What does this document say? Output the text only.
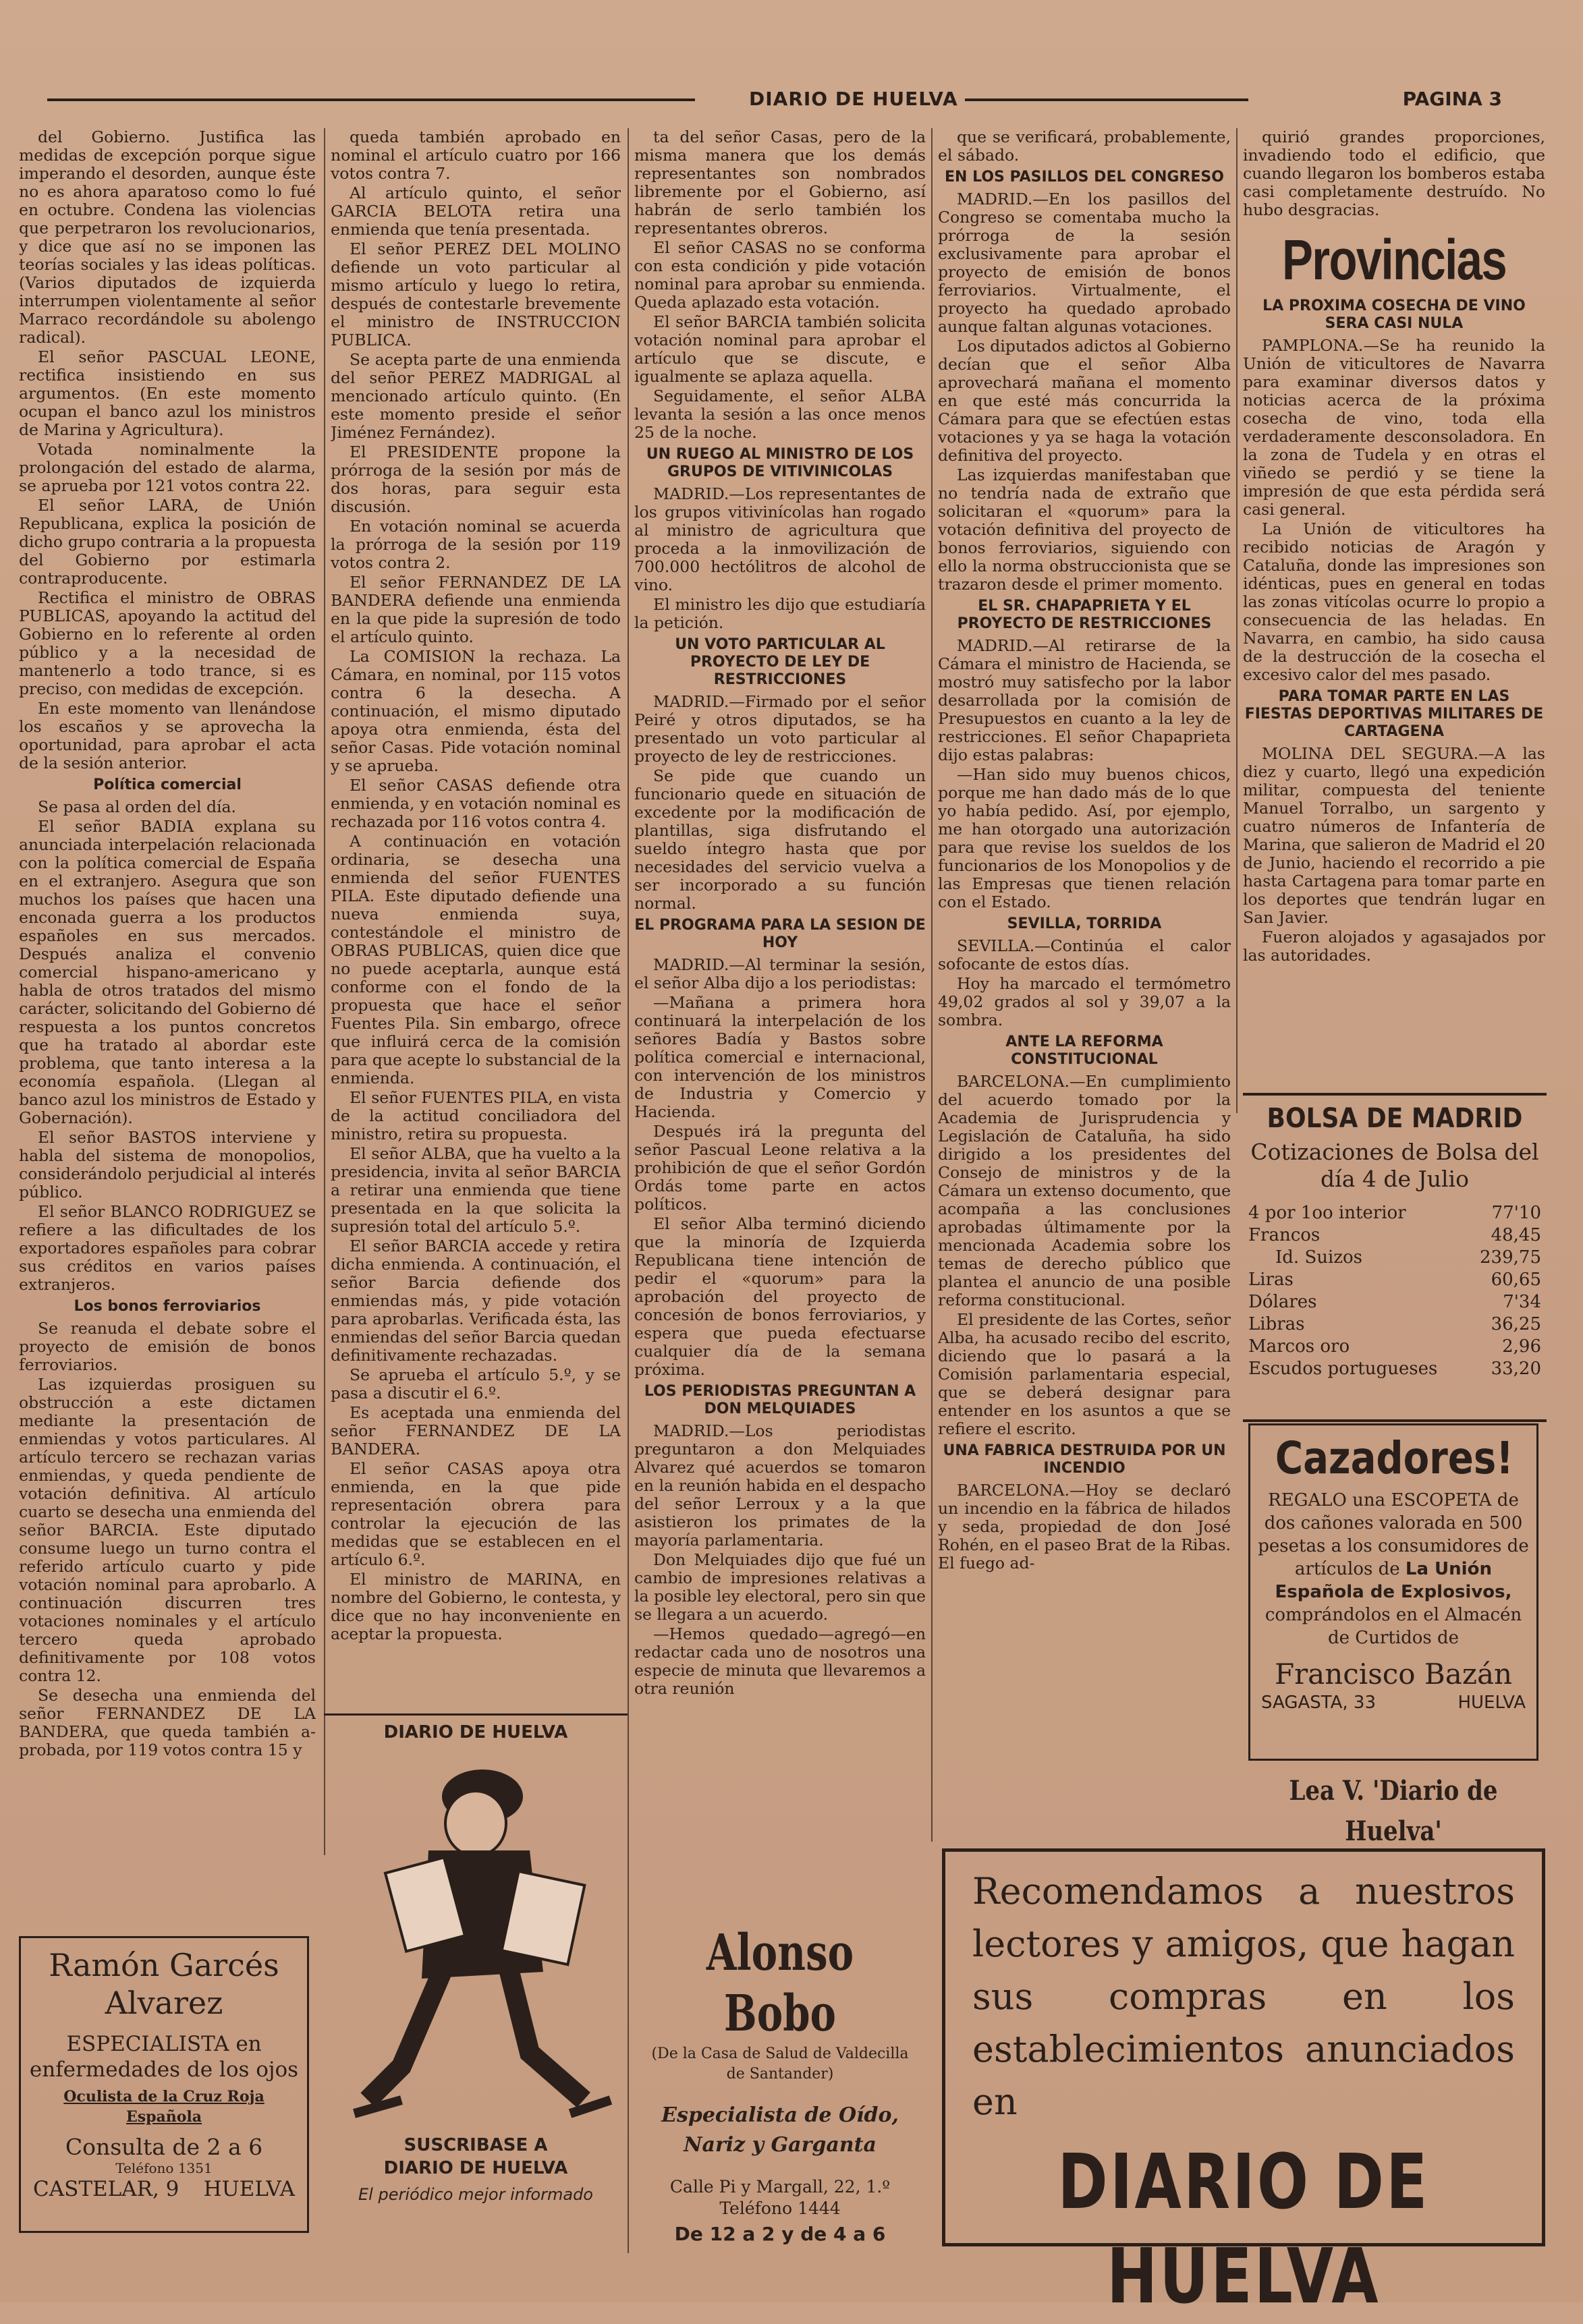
DIARIO DE HUELVA	PAGINA 3

del Gobierno. Justifica las medidas de excepción porque sigue imperando el desorden, aunque éste no es ahora aparatoso como lo fué en octubre. Condena las violencias que perpetraron los revolucionarios, y dice que así no se imponen las teorías sociales y las ideas políticas. (Varios diputados de izquierda interrumpen violentamente al señor Marraco recordándole su abolengo radical).

El señor PASCUAL LEONE, rectifica insistiendo en sus argumentos. (En este momento ocupan el banco azul los ministros de Marina y Agricultura).

Votada nominalmente la prolongación del estado de alarma, se aprueba por 121 votos contra 22.

El señor LARA, de Unión Republicana, explica la posición de dicho grupo contraria a la propuesta del Gobierno por estimarla contraproducente.

Rectifica el ministro de OBRAS PUBLICAS, apoyando la actitud del Gobierno en lo referente al orden público y a la necesidad de mantenerlo a todo trance, si es preciso, con medidas de excepción.

En este momento van llenándose los escaños y se aprovecha la oportunidad, para aprobar el acta de la sesión anterior.

Política comercial

Se pasa al orden del día.

El señor BADIA explana su anunciada interpelación relacionada con la política comercial de España en el extranjero. Asegura que son muchos los países que hacen una enconada guerra a los productos españoles en sus mercados. Después analiza el convenio comercial hispano-americano y habla de otros tratados del mismo carácter, solicitando del Gobierno dé respuesta a los puntos concretos que ha tratado al abordar este problema, que tanto interesa a la economía española. (Llegan al banco azul los ministros de Estado y Gobernación).

El señor BASTOS interviene y habla del sistema de monopolios, considerándolo perjudicial al interés público.

El señor BLANCO RODRIGUEZ se refiere a las dificultades de los exportadores españoles para cobrar sus créditos en varios países extranjeros.

Los bonos ferroviarios

Se reanuda el debate sobre el proyecto de emisión de bonos ferroviarios.

Las izquierdas prosiguen su obstrucción a este dictamen mediante la presentación de enmiendas y votos particulares. Al artículo tercero se rechazan varias enmiendas, y queda pendiente de votación definitiva. Al artículo cuarto se desecha una enmienda del señor BARCIA. Este diputado consume luego un turno contra el referido artículo cuarto y pide votación nominal para aprobarlo. A continuación discurren tres votaciones nominales y el artículo tercero queda aprobado definitivamente por 108 votos contra 12.

Se desecha una enmienda del señor FERNANDEZ DE LA BANDERA, que queda también aprobada, por 119 votos contra 15 y

queda también aprobado en nominal el artículo cuatro por 166 votos contra 7.

Al artículo quinto, el señor GARCIA BELOTA retira una enmienda que tenía presentada.

El señor PEREZ DEL MOLINO defiende un voto particular al mismo artículo y luego lo retira, después de contestarle brevemente el ministro de INSTRUCCION PUBLICA.

Se acepta parte de una enmienda del señor PEREZ MADRIGAL al mencionado artículo quinto. (En este momento preside el señor Jiménez Fernández).

El PRESIDENTE propone la prórroga de la sesión por más de dos horas, para seguir esta discusión.

En votación nominal se acuerda la prórroga de la sesión por 119 votos contra 2.

El señor FERNANDEZ DE LA BANDERA defiende una enmienda en la que pide la supresión de todo el artículo quinto.

La COMISION la rechaza. La Cámara, en nominal, por 115 votos contra 6 la desecha. A continuación, el mismo diputado apoya otra enmienda, ésta del señor Casas. Pide votación nominal y se aprueba.

El señor CASAS defiende otra enmienda, y en votación nominal es rechazada por 116 votos contra 4.

A continuación en votación ordinaria, se desecha una enmienda del señor FUENTES PILA. Este diputado defiende una nueva enmienda suya, contestándole el ministro de OBRAS PUBLICAS, quien dice que no puede aceptarla, aunque está conforme con el fondo de la propuesta que hace el señor Fuentes Pila. Sin embargo, ofrece que influirá cerca de la comisión para que acepte lo substancial de la enmienda.

El señor FUENTES PILA, en vista de la actitud conciliadora del ministro, retira su propuesta.

El señor ALBA, que ha vuelto a la presidencia, invita al señor BARCIA a retirar una enmienda que tiene presentada en la que solicita la supresión total del artículo 5.º.

El señor BARCIA accede y retira dicha enmienda. A continuación, el señor Barcia defiende dos enmiendas más, y pide votación para aprobarlas. Verificada ésta, las enmiendas del señor Barcia quedan definitivamente rechazadas.

Se aprueba el artículo 5.º, y se pasa a discutir el 6.º.

Es aceptada una enmienda del señor FERNANDEZ DE LA BANDERA.

El señor CASAS apoya otra enmienda, en la que pide representación obrera para controlar la ejecución de las medidas que se establecen en el artículo 6.º.

El ministro de MARINA, en nombre del Gobierno, le contesta, y dice que no hay inconveniente en aceptar la propuesta.

ta del señor Casas, pero de la misma manera que los demás representantes son nombrados libremente por el Gobierno, así habrán de serlo también los representantes obreros.

El señor CASAS no se conforma con esta condición y pide votación nominal para aprobar su enmienda. Queda aplazado esta votación.

El señor BARCIA también solicita votación nominal para aprobar el artículo que se discute, e igualmente se aplaza aquella.

Seguidamente, el señor ALBA levanta la sesión a las once menos 25 de la noche.

UN RUEGO AL MINISTRO DE LOS GRUPOS DE VITIVINICOLAS

MADRID.—Los representantes de los grupos vitivinícolas han rogado al ministro de agricultura que proceda a la inmovilización de 700.000 hectólitros de alcohol de vino.

El ministro les dijo que estudiaría la petición.

UN VOTO PARTICULAR AL PROYECTO DE LEY DE RESTRICCIONES

MADRID.—Firmado por el señor Peiré y otros diputados, se ha presentado un voto particular al proyecto de ley de restricciones.

Se pide que cuando un funcionario quede en situación de excedente por la modificación de plantillas, siga disfrutando el sueldo íntegro hasta que por necesidades del servicio vuelva a ser incorporado a su función normal.

EL PROGRAMA PARA LA SESION DE HOY

MADRID.—Al terminar la sesión, el señor Alba dijo a los periodistas:

—Mañana a primera hora continuará la interpelación de los señores Badía y Bastos sobre política comercial e internacional, con intervención de los ministros de Industria y Comercio y Hacienda.

Después irá la pregunta del señor Pascual Leone relativa a la prohibición de que el señor Gordón Ordás tome parte en actos políticos.

El señor Alba terminó diciendo que la minoría de Izquierda Republicana tiene intención de pedir el «quorum» para la aprobación del proyecto de concesión de bonos ferroviarios, y espera que pueda efectuarse cualquier día de la semana próxima.

LOS PERIODISTAS PREGUNTAN A DON MELQUIADES

MADRID.—Los periodistas preguntaron a don Melquiades Alvarez qué acuerdos se tomaron en la reunión habida en el despacho del señor Lerroux y a la que asistieron los primates de la mayoría parlamentaria.

Don Melquiades dijo que fué un cambio de impresiones relativas a la posible ley electoral, pero sin que se llegara a un acuerdo.

—Hemos quedado—agregó—en redactar cada uno de nosotros una especie de minuta que llevaremos a otra reunión

que se verificará, probablemente, el sábado.

EN LOS PASILLOS DEL CONGRESO

MADRID.—En los pasillos del Congreso se comentaba mucho la prórroga de la sesión exclusivamente para aprobar el proyecto de emisión de bonos ferroviarios. Virtualmente, el proyecto ha quedado aprobado aunque faltan algunas votaciones.

Los diputados adictos al Gobierno decían que el señor Alba aprovechará mañana el momento en que esté más concurrida la Cámara para que se efectúen estas votaciones y ya se haga la votación definitiva del proyecto.

Las izquierdas manifestaban que no tendría nada de extraño que solicitaran el «quorum» para la votación definitiva del proyecto de bonos ferroviarios, siguiendo con ello la norma obstruccionista que se trazaron desde el primer momento.

EL SR. CHAPAPRIETA Y EL PROYECTO DE RESTRICCIONES

MADRID.—Al retirarse de la Cámara el ministro de Hacienda, se mostró muy satisfecho por la labor desarrollada por la comisión de Presupuestos en cuanto a la ley de restricciones. El señor Chapaprieta dijo estas palabras:

—Han sido muy buenos chicos, porque me han dado más de lo que yo había pedido. Así, por ejemplo, me han otorgado una autorización para que revise los sueldos de los funcionarios de los Monopolios y de las Empresas que tienen relación con el Estado.

SEVILLA, TORRIDA

SEVILLA.—Continúa el calor sofocante de estos días.

Hoy ha marcado el termómetro 49,02 grados al sol y 39,07 a la sombra.

ANTE LA REFORMA CONSTITUCIONAL

BARCELONA.—En cumplimiento del acuerdo tomado por la Academia de Jurisprudencia y Legislación de Cataluña, ha sido dirigido a los presidentes del Consejo de ministros y de la Cámara un extenso documento, que acompaña a las conclusiones aprobadas últimamente por la mencionada Academia sobre los temas de derecho público que plantea el anuncio de una posible reforma constitucional.

El presidente de las Cortes, señor Alba, ha acusado recibo del escrito, diciendo que lo pasará a la Comisión parlamentaria especial, que se deberá designar para entender en los asuntos a que se refiere el escrito.

UNA FABRICA DESTRUIDA POR UN INCENDIO

BARCELONA.—Hoy se declaró un incendio en la fábrica de hilados y seda, propiedad de don José Rohén, en el paseo Brat de la Ribas. El fuego ad-

quirió grandes proporciones, invadiendo todo el edificio, que cuando llegaron los bomberos estaba casi completamente destruído. No hubo desgracias.

Provincias
LA PROXIMA COSECHA DE VINO SERA CASI NULA

PAMPLONA.—Se ha reunido la Unión de viticultores de Navarra para examinar diversos datos y noticias acerca de la próxima cosecha de vino, toda ella verdaderamente desconsoladora. En la zona de Tudela y en otras el viñedo se perdió y se tiene la impresión de que esta pérdida será casi general.

La Unión de viticultores ha recibido noticias de Aragón y Cataluña, donde las impresiones son idénticas, pues en general en todas las zonas vitícolas ocurre lo propio a consecuencia de las heladas. En Navarra, en cambio, ha sido causa de la destrucción de la cosecha el excesivo calor del mes pasado.

PARA TOMAR PARTE EN LAS FIESTAS DEPORTIVAS MILITARES DE CARTAGENA

MOLINA DEL SEGURA.—A las diez y cuarto, llegó una expedición militar, compuesta del teniente Manuel Torralbo, un sargento y cuatro números de Infantería de Marina, que salieron de Madrid el 20 de Junio, haciendo el recorrido a pie hasta Cartagena para tomar parte en los deportes que tendrán lugar en San Javier.

Fueron alojados y agasajados por las autoridades.

BOLSA DE MADRID
Cotizaciones de Bolsa del día 4 de Julio
4 por 1oo interior	77'10
Francos	48,45
Id. Suizos	239,75
Liras	60,65
Dólares	7'34
Libras	36,25
Marcos oro	2,96
Escudos portugueses	33,20
Cazadores!
REGALO una ESCOPETA de dos cañones valorada en 500 pesetas a los consumidores de artículos de La Unión Española de Explosivos, comprándolos en el Almacén de Curtidos de
Francisco Bazán
SAGASTA, 33	HUELVA
Lea V. 'Diario de Huelva'
Recomendamos a nuestros lectores y amigos, que hagan sus compras en los establecimientos anunciados en
DIARIO DE HUELVA
Ramón Garcés
Alvarez
ESPECIALISTA en enfermedades de los ojos
Oculista de la Cruz Roja Española
Consulta de 2 a 6
Teléfono 1351
CASTELAR, 9 HUELVA
DIARIO DE HUELVA
SUSCRIBASE A
DIARIO DE HUELVA
El periódico mejor informado
Alonso Bobo
(De la Casa de Salud de Valdecilla de Santander)
Especialista de Oído, Nariz y Garganta
Calle Pi y Margall, 22, 1.º
Teléfono 1444
De 12 a 2 y de 4 a 6
